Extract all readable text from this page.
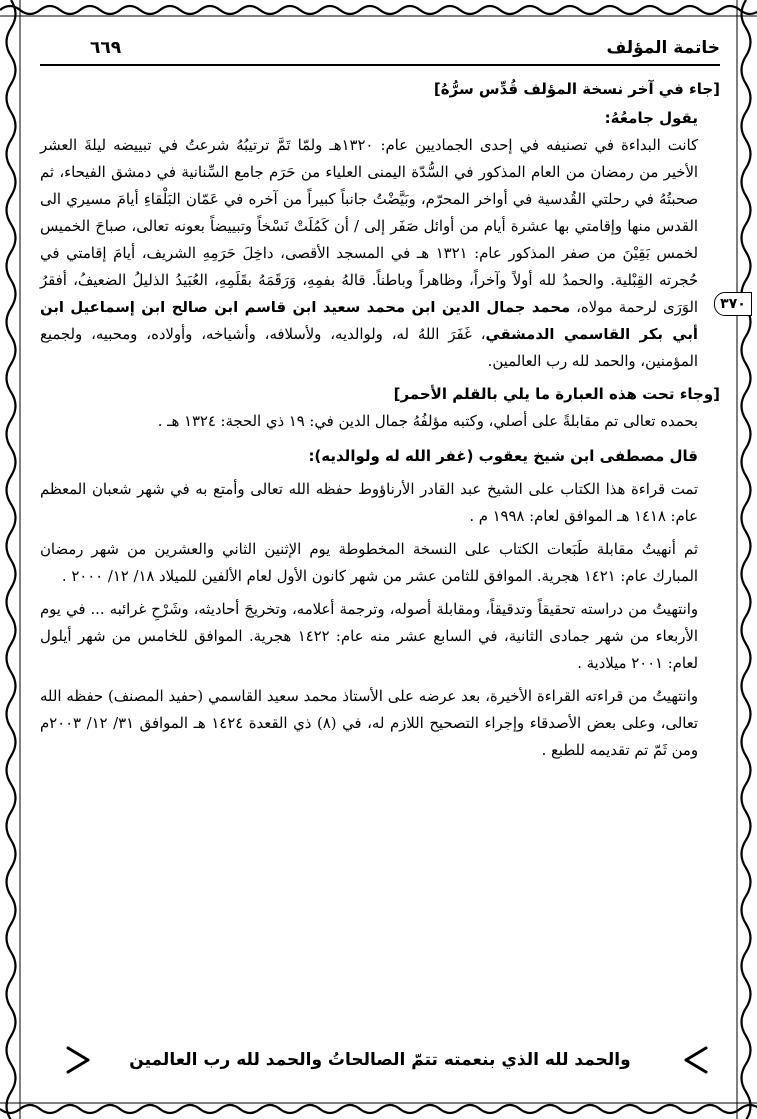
خاتمة المؤلف
٦٦٩
٣٧٠

[جاء في آخر نسخة المؤلف قُدِّس سرُّهُ]

يقول جامعُهُ:

كانت البداءة في تصنيفه في إحدى الجماديين عام: ١٣٢٠هـ ولمّا تَمَّ ترتيبُهُ شرعتُ في تبييضه ليلةَ العشر الأخير من رمضان من العام المذكور في السُّدّة اليمنى العلياء من حَرَم جامع السِّنانية في دمشق الفيحاء، ثم صحبتُهُ في رحلتي القُدسية في أواخر المحرّم، وبَيَّضْتُ جانباً كبيراً من آخره في عَمّان البَلْقاءِ أيامَ مسيري الى القدس منها وإقامتي بها عشرة أيام من أوائل صَفَر إلى / أن كَمُلَتْ نَسْخاً وتبييضاً بعونه تعالى، صباحَ الخميس لخمس بَقِيْنَ من صفر المذكور عام: ١٣٢١ هـ في المسجد الأقصى، داخِلَ حَرَمِهِ الشريف، أيامَ إقامتي في حُجرته القِبْلية. والحمدُ لله أولاً وآخراً، وظاهراً وباطناً. قالهُ بفمِهِ، وَرَقَمَهُ بقَلَمِهِ، العُبَيدُ الذليلُ الضعيفُ، أفقرُ الوَرَى لرحمة مولاه، محمد جمال الدين ابن محمد سعيد ابن قاسم ابن صالح ابن إسماعيل ابن أبي بكر القاسمي الدمشقي، غَفَرَ اللهُ له، ولوالديه، ولأسلافه، وأشياخه، وأولاده، ومحبيه، ولجميع المؤمنين، والحمد لله رب العالمين.

[وجاء تحت هذه العبارة ما يلي بالقلم الأحمر]

بحمده تعالى تم مقابلةً على أصلي، وكتبه مؤلفُهُ جمال الدين في: ١٩ ذي الحجة: ١٣٢٤ هـ .

قال مصطفى ابن شيخ يعقوب (غفر الله له ولوالديه):

تمت قراءة هذا الكتاب على الشيخ عبد القادر الأرناؤوط حفظه الله تعالى وأمتع به في شهر شعبان المعظم عام: ١٤١٨ هـ الموافق لعام: ١٩٩٨ م .

ثم أنهيتُ مقابلة طَبَعات الكتاب على النسخة المخطوطة يوم الإثنين الثاني والعشرين من شهر رمضان المبارك عام: ١٤٢١ هجرية. الموافق للثامن عشر من شهر كانون الأول لعام الألفين للميلاد ١٨/ ١٢/ ٢٠٠٠ .

وانتهيتُ من دراسته تحقيقاً وتدقيقاً، ومقابلة أصوله، وترجمة أعلامه، وتخريجَ أحاديثه، وشَرْحِ غرائبه ... في يوم الأربعاء من شهر جمادى الثانية، في السابع عشر منه عام: ١٤٢٢ هجرية. الموافق للخامس من شهر أيلول لعام: ٢٠٠١ ميلادية .

وانتهيتُ من قراءته القراءة الأخيرة، بعد عرضه على الأستاذ محمد سعيد القاسمي (حفيد المصنف) حفظه الله تعالى، وعلى بعض الأصدقاء وإجراء التصحيح اللازم له، في (٨) ذي القعدة ١٤٢٤ هـ الموافق ٣١/ ١٢/ ٢٠٠٣م ومن ثَمّ تم تقديمه للطبع .

والحمد لله الذي بنعمته تتمّ الصالحاتُ والحمد لله رب العالمين
